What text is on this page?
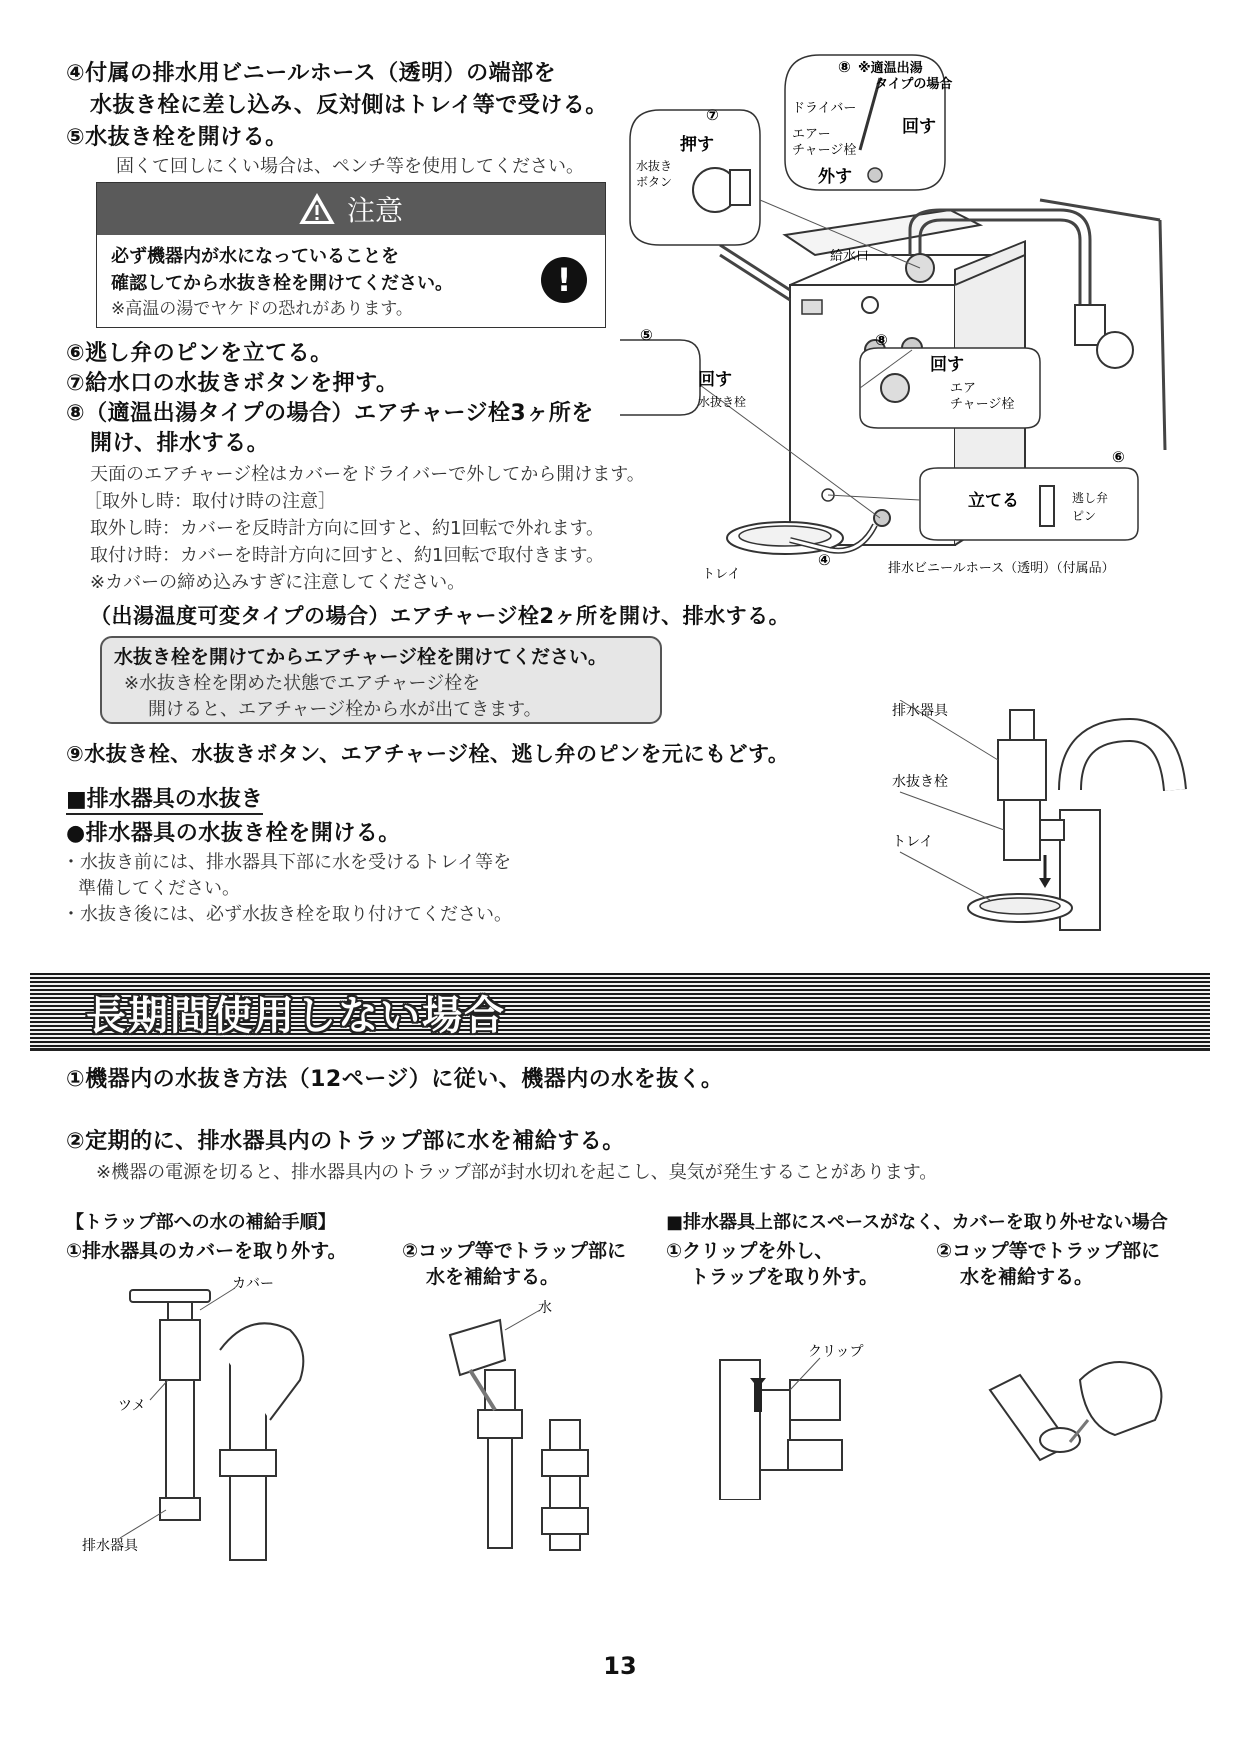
④付属の排水用ビニールホース（透明）の端部を
水抜き栓に差し込み、反対側はトレイ等で受ける。
⑤水抜き栓を開ける。
固くて回しにくい場合は、ペンチ等を使用してください。
注意
必ず機器内が水になっていることを
確認してから水抜き栓を開けてください。
※高温の湯でヤケドの恐れがあります。
!
⑥逃し弁のピンを立てる。
⑦給水口の水抜きボタンを押す。
⑧（適温出湯タイプの場合）エアチャージ栓3ヶ所を
開け、排水する。
天面のエアチャージ栓はカバーをドライバーで外してから開けます。
［取外し時：取付け時の注意］
取外し時：カバーを反時計方向に回すと、約1回転で外れます。
取付け時：カバーを時計方向に回すと、約1回転で取付きます。
※カバーの締め込みすぎに注意してください。
（出湯温度可変タイプの場合）エアチャージ栓2ヶ所を開け、排水する。
水抜き栓を開けてからエアチャージ栓を開けてください。
※水抜き栓を閉めた状態でエアチャージ栓を
開けると、エアチャージ栓から水が出てきます。
⑨水抜き栓、水抜きボタン、エアチャージ栓、逃し弁のピンを元にもどす。
■排水器具の水抜き
●排水器具の水抜き栓を開ける。
・水抜き前には、排水器具下部に水を受けるトレイ等を
準備してください。
・水抜き後には、必ず水抜き栓を取り付けてください。
⑧ ※適温出湯
タイプの場合
ドライバー
エアー
チャージ栓
回す
外す
⑦
押す
水抜き
ボタン
給水口
⑤
回す
水抜き栓
⑧
回す
エア
チャージ栓
⑥
立てる	逃し弁
ピン
トレイ
④	排水ビニールホース（透明）（付属品）
排水器具
水抜き栓
トレイ
長期間使用しない場合
①機器内の水抜き方法（12ページ）に従い、機器内の水を抜く。
②定期的に、排水器具内のトラップ部に水を補給する。
※機器の電源を切ると、排水器具内のトラップ部が封水切れを起こし、臭気が発生することがあります。
【トラップ部への水の補給手順】
①排水器具のカバーを取り外す。	②コップ等でトラップ部に
水を補給する。
■排水器具上部にスペースがなく、カバーを取り外せない場合
①クリップを外し、
トラップを取り外す。
②コップ等でトラップ部に
水を補給する。
カバー
ツメ
排水器具
水
クリップ
13
